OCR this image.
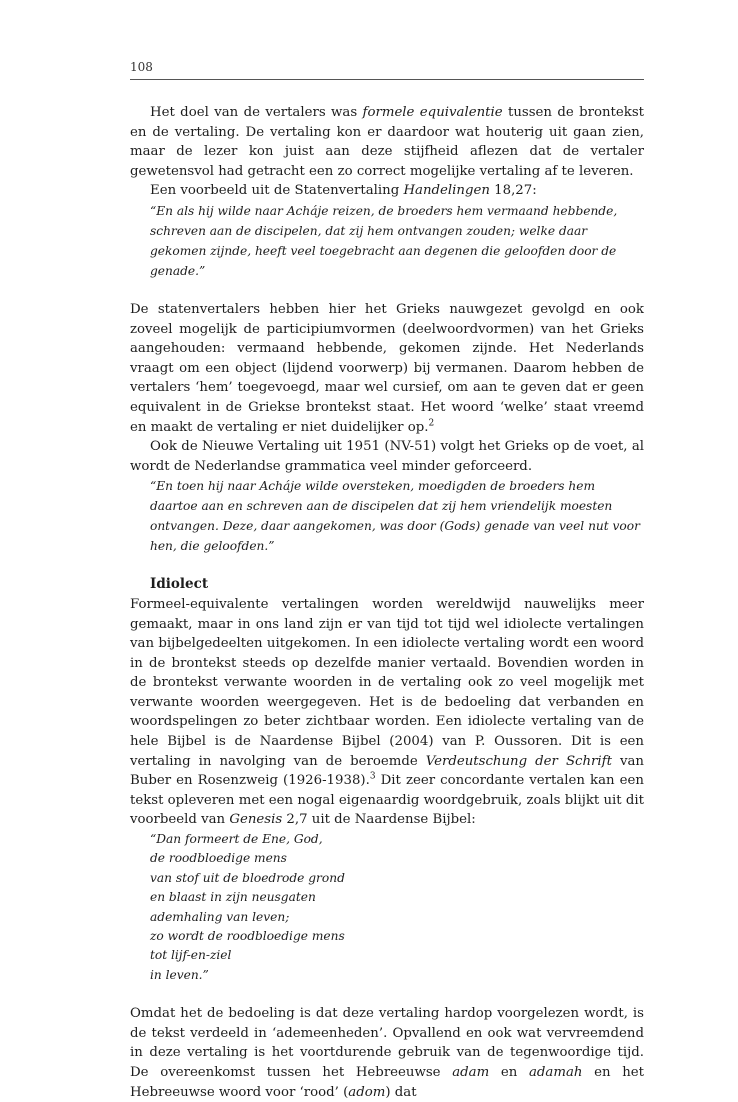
108

Het doel van de vertalers was formele equivalentie tussen de brontekst en de vertaling. De vertaling kon er daardoor wat houterig uit gaan zien, maar de lezer kon juist aan deze stijfheid aflezen dat de vertaler gewetensvol had getracht een zo correct mogelijke vertaling af te leveren.

Een voorbeeld uit de Statenvertaling Handelingen 18,27:

“En als hij wilde naar Acháje reizen, de broeders hem vermaand hebbende, schreven aan de discipelen, dat zij hem ontvangen zouden; welke daar gekomen zijnde, heeft veel toegebracht aan degenen die geloofden door de genade.”

De statenvertalers hebben hier het Grieks nauwgezet gevolgd en ook zoveel mogelijk de participiumvormen (deelwoordvormen) van het Grieks aangehouden: vermaand hebbende, gekomen zijnde. Het Nederlands vraagt om een object (lijdend voorwerp) bij vermanen. Daarom hebben de vertalers ‘hem’ toegevoegd, maar wel cursief, om aan te geven dat er geen equivalent in de Griekse brontekst staat. Het woord ‘welke’ staat vreemd en maakt de vertaling er niet duidelijker op.$^2$

Ook de Nieuwe Vertaling uit 1951 (NV-51) volgt het Grieks op de voet, al wordt de Nederlandse grammatica veel minder geforceerd.

“En toen hij naar Acháje wilde oversteken, moedigden de broeders hem daartoe aan en schreven aan de discipelen dat zij hem vriendelijk moesten ontvangen. Deze, daar aangekomen, was door (Gods) genade van veel nut voor hen, die geloofden.”

Idiolect

Formeel-equivalente vertalingen worden wereldwijd nauwelijks meer gemaakt, maar in ons land zijn er van tijd tot tijd wel idiolecte vertalingen van bijbelgedeelten uitgekomen. In een idiolecte vertaling wordt een woord in de brontekst steeds op dezelfde manier vertaald. Bovendien worden in de brontekst verwante woorden in de vertaling ook zo veel mogelijk met verwante woorden weergegeven. Het is de bedoeling dat verbanden en woordspelingen zo beter zichtbaar worden. Een idiolecte vertaling van de hele Bijbel is de Naardense Bijbel (2004) van P. Oussoren. Dit is een vertaling in navolging van de beroemde Verdeutschung der Schrift van Buber en Rosenzweig (1926-1938).$^3$ Dit zeer concordante vertalen kan een tekst opleveren met een nogal eigenaardig woordgebruik, zoals blijkt uit dit voorbeeld van Genesis 2,7 uit de Naardense Bijbel:

“Dan formeert de Ene, God,
de roodbloedige mens
van stof uit de bloedrode grond
en blaast in zijn neusgaten
ademhaling van leven;
zo wordt de roodbloedige mens
tot lijf-en-ziel
in leven.”

Omdat het de bedoeling is dat deze vertaling hardop voorgelezen wordt, is de tekst verdeeld in ‘ademeenheden’. Opvallend en ook wat vervreemdend in deze vertaling is het voortdurende gebruik van de tegenwoordige tijd. De overeenkomst tussen het Hebreeuwse adam en adamah en het Hebreeuwse woord voor ‘rood’ (adom) dat
